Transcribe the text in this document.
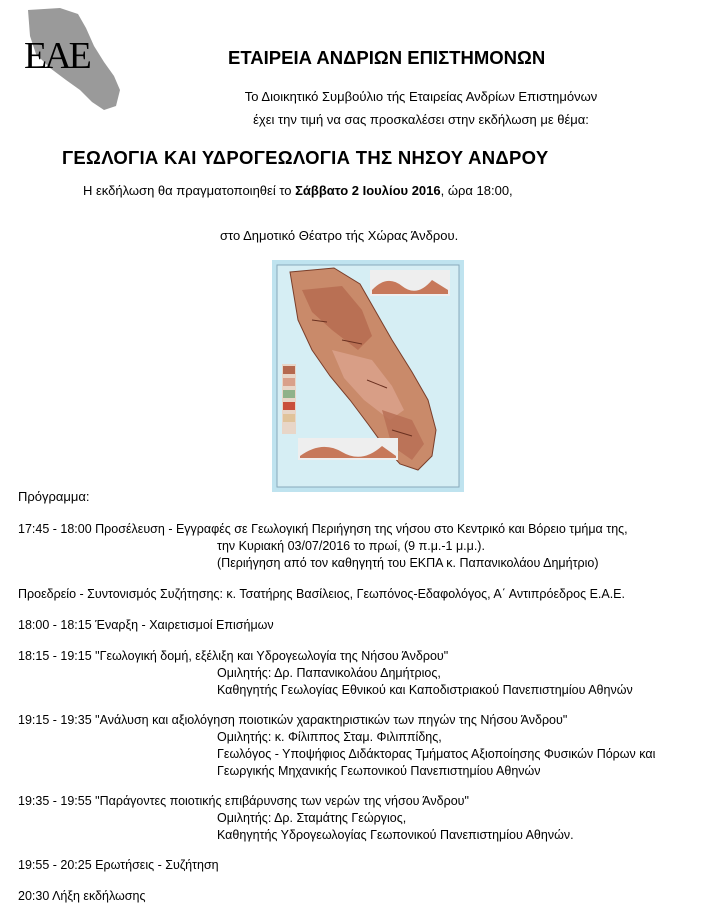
EAE	ΕΤΑΙΡΕΙΑ ΑΝΔΡΙΩΝ ΕΠΙΣΤΗΜΟΝΩΝ
Το Διοικητικό Συμβούλιο τής Εταιρείας Ανδρίων Επιστημόνων
έχει την τιμή να σας προσκαλέσει στην εκδήλωση με θέμα:
ΓΕΩΛΟΓΙΑ ΚΑΙ ΥΔΡΟΓΕΩΛΟΓΙΑ ΤΗΣ ΝΗΣΟΥ ΑΝΔΡΟΥ
Η εκδήλωση θα πραγματοποιηθεί το Σάββατο 2 Ιουλίου 2016, ώρα 18:00,
στο Δημοτικό Θέατρο τής Χώρας Άνδρου.
Πρόγραμμα:
17:45 - 18:00 Προσέλευση - Εγγραφές σε Γεωλογική Περιήγηση της νήσου στο Κεντρικό και Βόρειο τμήμα της,
την Κυριακή 03/07/2016 το πρωί, (9 π.μ.-1 μ.μ.).
(Περιήγηση από τον καθηγητή του ΕΚΠΑ κ. Παπανικολάου Δημήτριο)
Προεδρείο - Συντονισμός Συζήτησης: κ. Τσατήρης Βασίλειος, Γεωπόνος-Εδαφολόγος, Α΄ Αντιπρόεδρος Ε.Α.Ε.
18:00 - 18:15 Έναρξη - Χαιρετισμοί Επισήμων
18:15 - 19:15 "Γεωλογική δομή, εξέλιξη και Υδρογεωλογία της Νήσου Άνδρου"
Ομιλητής: Δρ. Παπανικολάου Δημήτριος,
Καθηγητής Γεωλογίας Εθνικού και Καποδιστριακού Πανεπιστημίου Αθηνών
19:15 - 19:35 "Ανάλυση και αξιολόγηση ποιοτικών χαρακτηριστικών των πηγών της Νήσου Άνδρου"
Ομιλητής: κ. Φίλιππος Σταμ. Φιλιππίδης,
Γεωλόγος - Υποψήφιος Διδάκτορας Τμήματος Αξιοποίησης Φυσικών Πόρων και
Γεωργικής Μηχανικής Γεωπονικού Πανεπιστημίου Αθηνών
19:35 - 19:55 "Παράγοντες ποιοτικής επιβάρυνσης των νερών της νήσου Άνδρου"
Ομιλητής: Δρ. Σταμάτης Γεώργιος,
Καθηγητής Υδρογεωλογίας Γεωπονικού Πανεπιστημίου Αθηνών.
19:55 - 20:25 Ερωτήσεις - Συζήτηση
20:30 Λήξη εκδήλωσης
